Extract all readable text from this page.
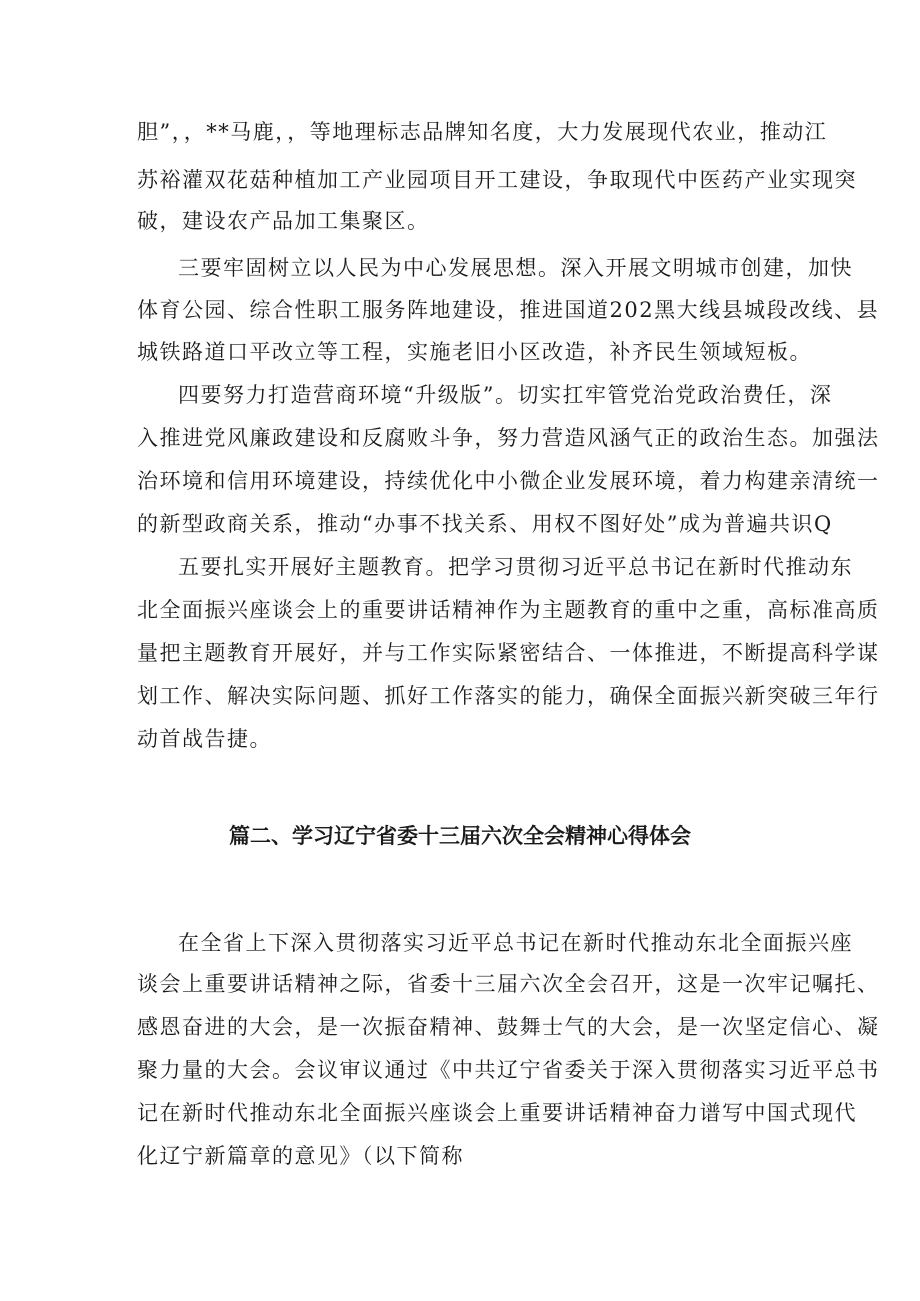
胆”，，**马鹿，，等地理标志品牌知名度，大力发展现代农业，推动江

苏裕灌双花菇种植加工产业园项目开工建设，争取现代中医药产业实现突

破，建设农产品加工集聚区。

三要牢固树立以人民为中心发展思想。深入开展文明城市创建，加快

体育公园、综合性职工服务阵地建设，推进国道202黑大线县城段改线、县

城铁路道口平改立等工程，实施老旧小区改造，补齐民生领域短板。

四要努力打造营商环境“升级版”。切实扛牢管党治党政治费任，深

入推进党风廉政建设和反腐败斗争，努力营造风涵气正的政治生态。加强法

治环境和信用环境建设，持续优化中小微企业发展环境，着力构建亲清统一

的新型政商关系，推动“办事不找关系、用权不图好处”成为普遍共识Q

五要扎实开展好主题教育。把学习贯彻习近平总书记在新时代推动东

北全面振兴座谈会上的重要讲话精神作为主题教育的重中之重，高标准高质

量把主题教育开展好，并与工作实际紧密结合、一体推进，不断提高科学谋

划工作、解决实际问题、抓好工作落实的能力，确保全面振兴新突破三年行

动首战告捷。

篇二、学习辽宁省委十三届六次全会精神心得体会

在全省上下深入贯彻落实习近平总书记在新时代推动东北全面振兴座

谈会上重要讲话精神之际，省委十三届六次全会召开，这是一次牢记嘱托、

感恩奋进的大会，是一次振奋精神、鼓舞士气的大会，是一次坚定信心、凝

聚力量的大会。会议审议通过《中共辽宁省委关于深入贯彻落实习近平总书

记在新时代推动东北全面振兴座谈会上重要讲话精神奋力谱写中国式现代

化辽宁新篇章的意见》（以下简称
